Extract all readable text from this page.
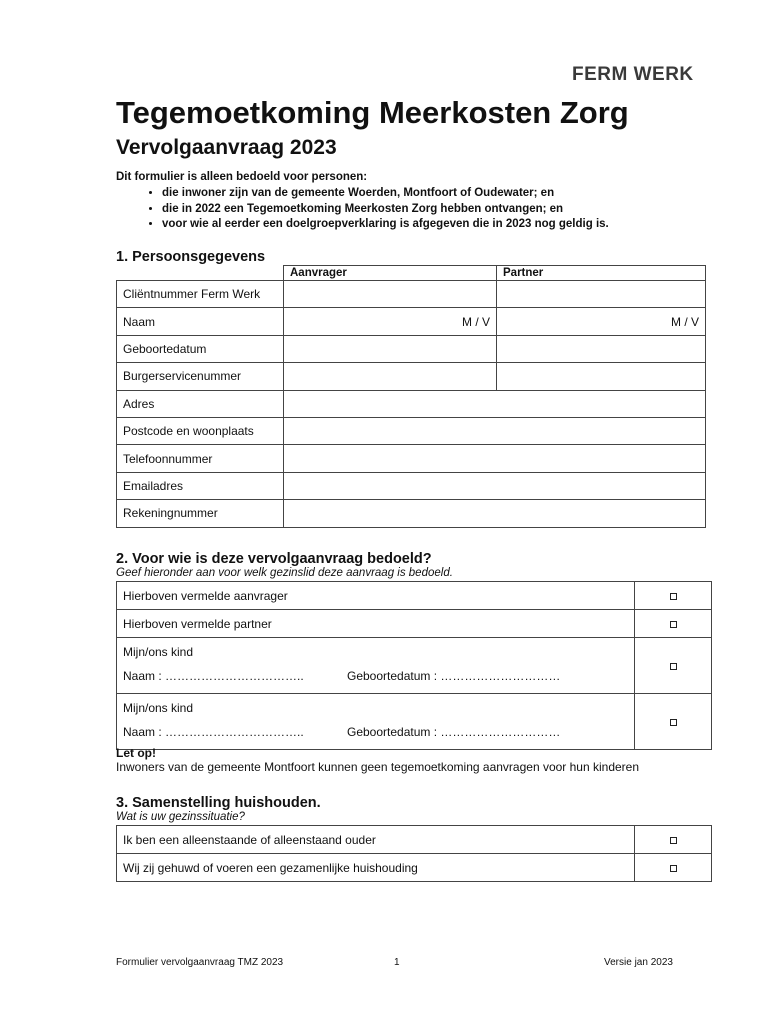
FERM WERK
Tegemoetkoming Meerkosten Zorg
Vervolgaanvraag 2023

Dit formulier is alleen bedoeld voor personen:

• die inwoner zijn van de gemeente Woerden, Montfoort of Oudewater; en
• die in 2022 een Tegemoetkoming Meerkosten Zorg hebben ontvangen; en
• voor wie al eerder een doelgroepverklaring is afgegeven die in 2023 nog geldig is.
1. Persoonsgegevens
	Aanvrager	Partner
Cliëntnummer Ferm Werk		
Naam	M / V	M / V
Geboortedatum		
Burgerservicenummer		
Adres		
Postcode en woonplaats		
Telefoonnummer		
Emailadres		
Rekeningnummer		
2. Voor wie is deze vervolgaanvraag bedoeld?

Geef hieronder aan voor welk gezinslid deze aanvraag is bedoeld.

Hierboven vermelde aanvrager	
Hierboven vermelde partner	

Mijn/ons kind
Naam : …………………………….. Geboortedatum : …………………………	

Mijn/ons kind
Naam : …………………………….. Geboortedatum : …………………………	

Let op!
Inwoners van de gemeente Montfoort kunnen geen tegemoetkoming aanvragen voor hun kinderen
3. Samenstelling huishouden.

Wat is uw gezinssituatie?

Ik ben een alleenstaande of alleenstaand ouder	
Wij zij gehuwd of voeren een gezamenlijke huishouding	
Formulier vervolgaanvraag TMZ 2023	1	Versie jan 2023
